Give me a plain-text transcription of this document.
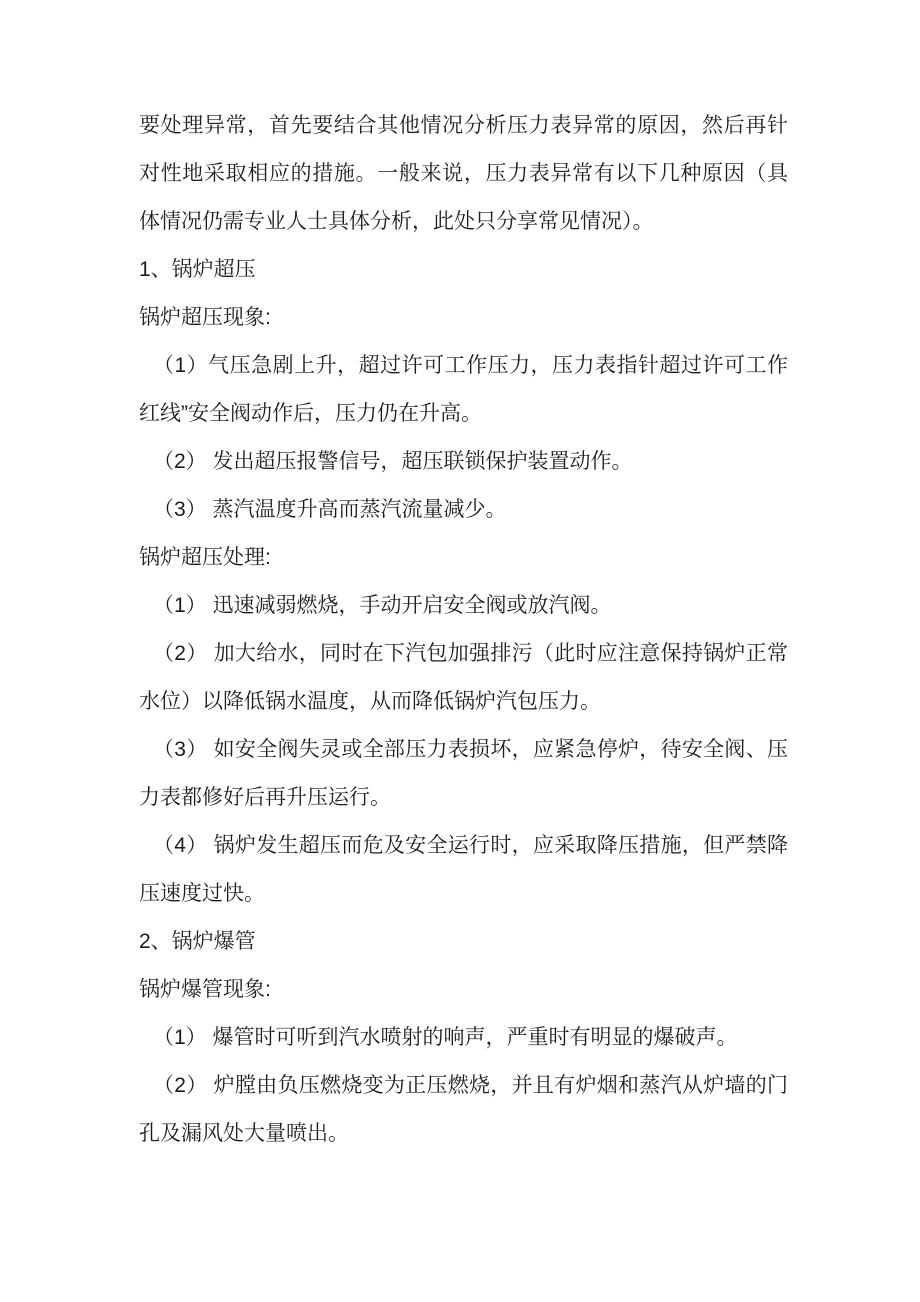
要处理异常，首先要结合其他情况分析压力表异常的原因，然后再针对性地采取相应的措施。一般来说，压力表异常有以下几种原因（具体情况仍需专业人士具体分析，此处只分享常见情况）。

1、锅炉超压

锅炉超压现象:

（1）气压急剧上升，超过许可工作压力，压力表指针超过许可工作红线”安全阀动作后，压力仍在升高。

（2） 发出超压报警信号，超压联锁保护装置动作。

（3） 蒸汽温度升高而蒸汽流量减少。

锅炉超压处理:

（1） 迅速减弱燃烧，手动开启安全阀或放汽阀。

（2） 加大给水，同时在下汽包加强排污（此时应注意保持锅炉正常水位）以降低锅水温度，从而降低锅炉汽包压力。

（3） 如安全阀失灵或全部压力表损坏，应紧急停炉，待安全阀、压力表都修好后再升压运行。

（4） 锅炉发生超压而危及安全运行时，应采取降压措施，但严禁降压速度过快。

2、锅炉爆管

锅炉爆管现象:

（1） 爆管时可听到汽水喷射的响声，严重时有明显的爆破声。

（2） 炉膛由负压燃烧变为正压燃烧，并且有炉烟和蒸汽从炉墙的门孔及漏风处大量喷出。
